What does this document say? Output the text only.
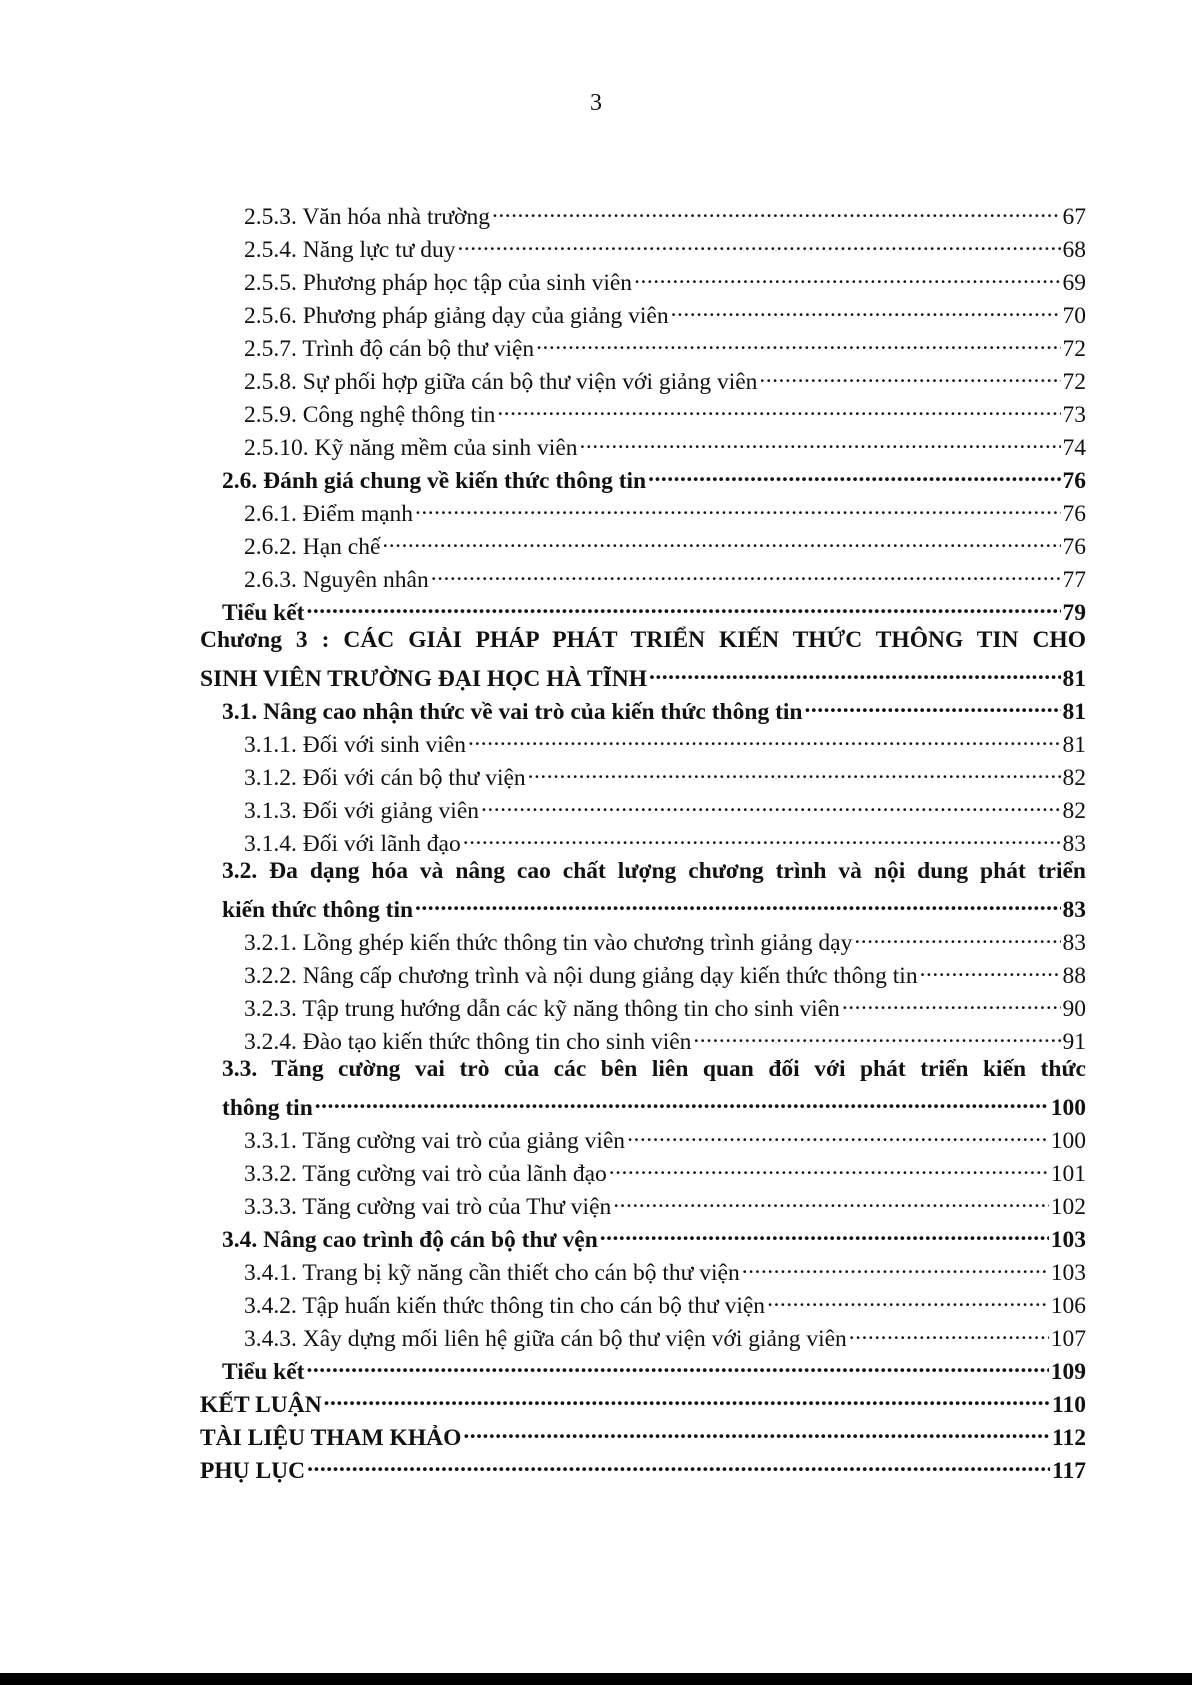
3
2.5.3. Văn hóa nhà trường .....	67
2.5.4. Năng lực tư duy .....	68
2.5.5. Phương pháp học tập của sinh viên .....	69
2.5.6. Phương pháp giảng dạy của giảng viên .....	70
2.5.7. Trình độ cán bộ thư viện .....	72
2.5.8. Sự phối hợp giữa cán bộ thư viện với giảng viên .....	72
2.5.9. Công nghệ thông tin .....	73
2.5.10. Kỹ năng mềm của sinh viên .....	74
2.6. Đánh giá chung về kiến thức thông tin .....	76
2.6.1. Điểm mạnh .....	76
2.6.2. Hạn chế .....	76
2.6.3. Nguyên nhân .....	77
Tiểu kết .....	79
Chương 3 : CÁC GIẢI PHÁP PHÁT TRIỂN KIẾN THỨC THÔNG TIN CHO
SINH VIÊN TRƯỜNG ĐẠI HỌC HÀ TĨNH .....	81
3.1. Nâng cao nhận thức về vai trò của kiến thức thông tin .....	81
3.1.1. Đối với sinh viên .....	81
3.1.2. Đối với cán bộ thư viện .....	82
3.1.3. Đối với giảng viên .....	82
3.1.4. Đối với lãnh đạo .....	83
3.2. Đa dạng hóa và nâng cao chất lượng chương trình và nội dung phát triển
kiến thức thông tin .....	83
3.2.1. Lồng ghép kiến thức thông tin vào chương trình giảng dạy .....	83
3.2.2. Nâng cấp chương trình và nội dung giảng dạy kiến thức thông tin .....	88
3.2.3. Tập trung hướng dẫn các kỹ năng thông tin cho sinh viên .....	90
3.2.4. Đào tạo kiến thức thông tin cho sinh viên .....	91
3.3. Tăng cường vai trò của các bên liên quan đối với phát triển kiến thức
thông tin .....	100
3.3.1. Tăng cường vai trò của giảng viên .....	100
3.3.2. Tăng cường vai trò của lãnh đạo .....	101
3.3.3. Tăng cường vai trò của Thư viện .....	102
3.4. Nâng cao trình độ cán bộ thư vện .....	103
3.4.1. Trang bị kỹ năng cần thiết cho cán bộ thư viện .....	103
3.4.2. Tập huấn kiến thức thông tin cho cán bộ thư viện .....	106
3.4.3. Xây dựng mối liên hệ giữa cán bộ thư viện với giảng viên .....	107
Tiểu kết .....	109
KẾT LUẬN .....	110
TÀI LIỆU THAM KHẢO .....	112
PHỤ LỤC .....	117
